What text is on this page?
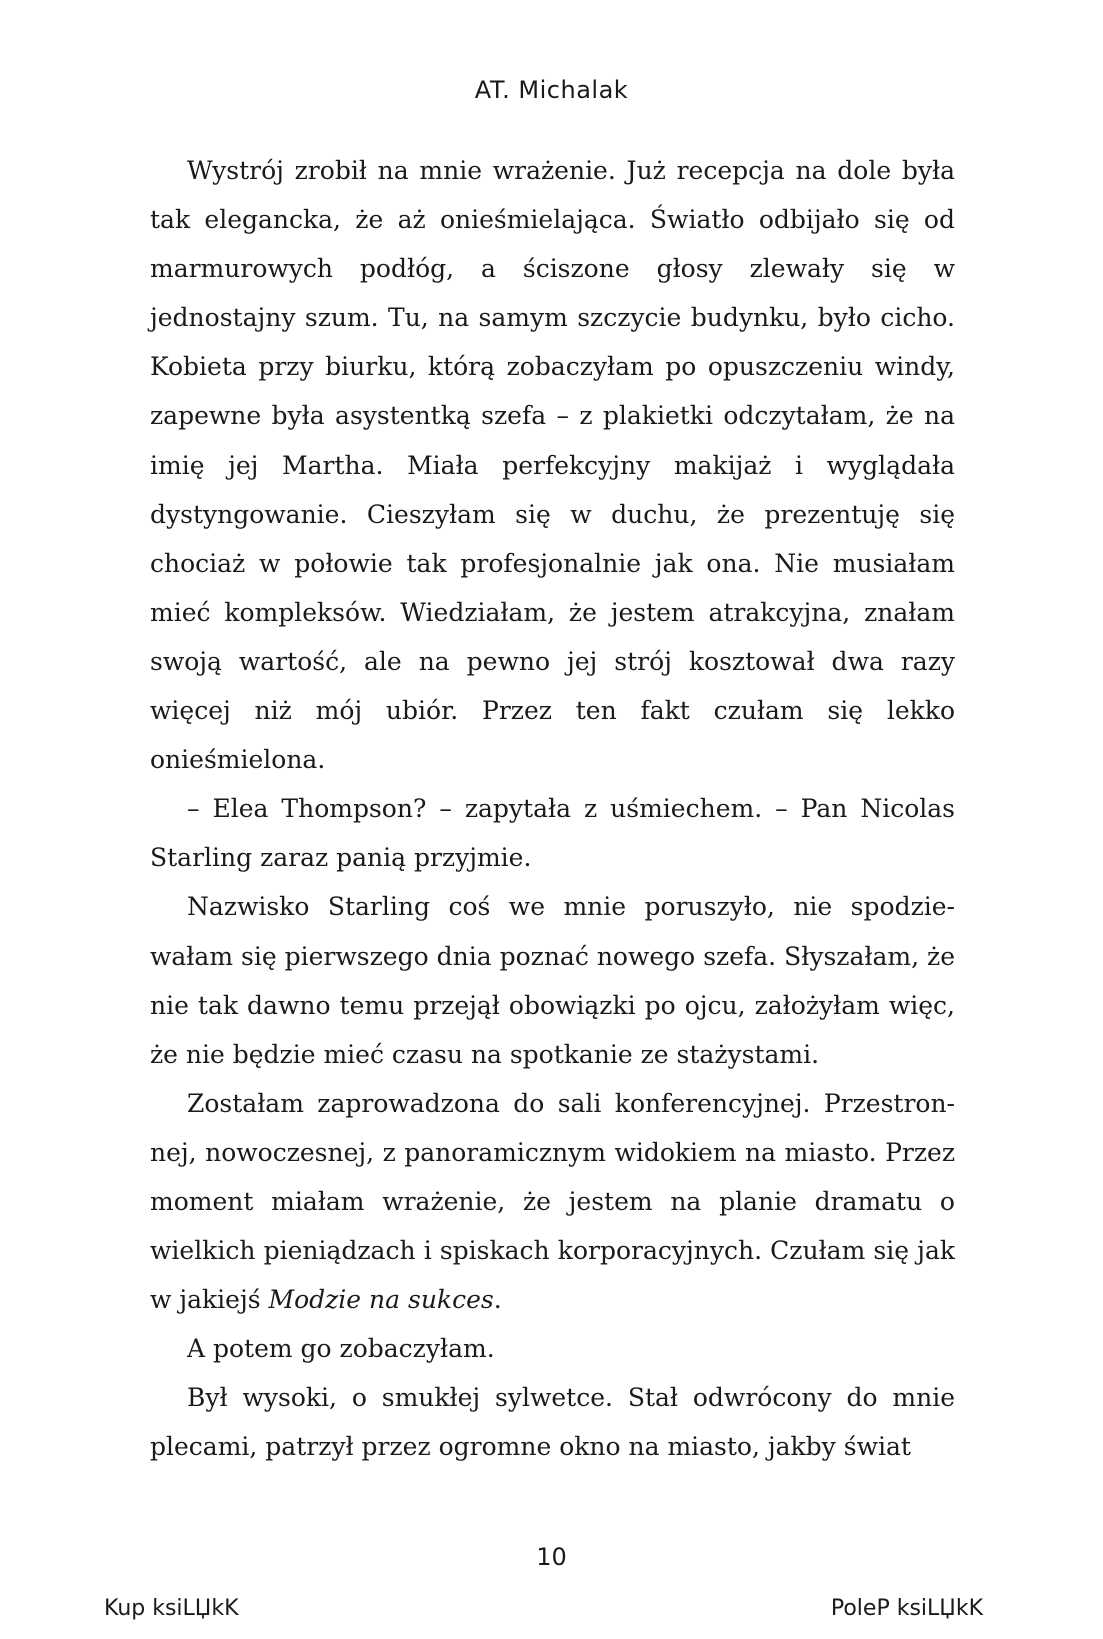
AT. Michalak

Wystrój zrobił na mnie wrażenie. Już recepcja na dole była tak elegancka, że aż onieśmielająca. Światło odbijało się od marmurowych podłóg, a ściszone głosy zlewały się w jednostajny szum. Tu, na samym szczycie budynku, było cicho. Kobieta przy biurku, którą zobaczyłam po opuszczeniu windy, zapewne była asystentką szefa – z plakietki odczytałam, że na imię jej Martha. Miała perfekcyjny makijaż i wyglądała dystyngowanie. Cieszyłam się w duchu, że prezentuję się chociaż w połowie tak profesjonalnie jak ona. Nie musiałam mieć kompleksów. Wiedziałam, że jestem atrakcyjna, znałam swoją wartość, ale na pewno jej strój kosztował dwa razy więcej niż mój ubiór. Przez ten fakt czułam się lekko onieśmielona.

– Elea Thompson? – zapytała z uśmiechem. – Pan Nicolas Starling zaraz panią przyjmie.

Nazwisko Starling coś we mnie poruszyło, nie spodziewałam się pierwszego dnia poznać nowego szefa. Słyszałam, że nie tak dawno temu przejął obowiązki po ojcu, założyłam więc, że nie będzie mieć czasu na spotkanie ze stażystami.

Zostałam zaprowadzona do sali konferencyjnej. Przestronnej, nowoczesnej, z panoramicznym widokiem na miasto. Przez moment miałam wrażenie, że jestem na planie dramatu o wielkich pieniądzach i spiskach korporacyjnych. Czułam się jak w jakiejś Modzie na sukces.

A potem go zobaczyłam.

Był wysoki, o smukłej sylwetce. Stał odwrócony do mnie plecami, patrzył przez ogromne okno na miasto, jakby świat

10
Kup ksiLЏkK	PoleP ksiLЏkK
